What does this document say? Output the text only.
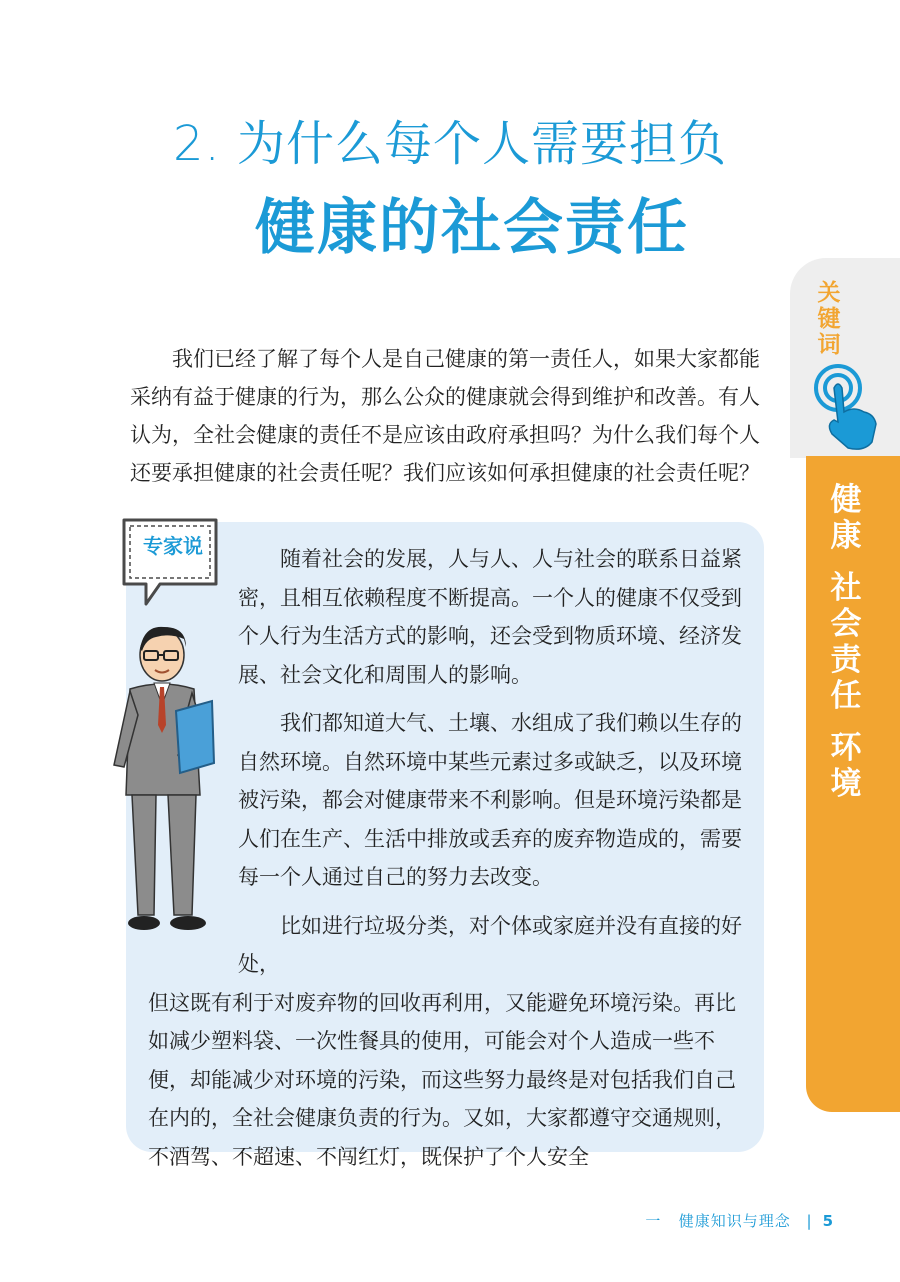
2. 为什么每个人需要担负
健康的社会责任

我们已经了解了每个人是自己健康的第一责任人，如果大家都能采纳有益于健康的行为，那么公众的健康就会得到维护和改善。有人认为，全社会健康的责任不是应该由政府承担吗？为什么我们每个人还要承担健康的社会责任呢？我们应该如何承担健康的社会责任呢？

专家说

随着社会的发展，人与人、人与社会的联系日益紧密，且相互依赖程度不断提高。一个人的健康不仅受到个人行为生活方式的影响，还会受到物质环境、经济发展、社会文化和周围人的影响。

我们都知道大气、土壤、水组成了我们赖以生存的自然环境。自然环境中某些元素过多或缺乏，以及环境被污染，都会对健康带来不利影响。但是环境污染都是人们在生产、生活中排放或丢弃的废弃物造成的，需要每一个人通过自己的努力去改变。

比如进行垃圾分类，对个体或家庭并没有直接的好处，
但这既有利于对废弃物的回收再利用，又能避免环境污染。再比如减少塑料袋、一次性餐具的使用，可能会对个人造成一些不便，却能减少对环境的污染，而这些努力最终是对包括我们自己在内的，全社会健康负责的行为。又如，大家都遵守交通规则，不酒驾、不超速、不闯红灯，既保护了个人安全

关键词
健康
社会责任
环境
一 健康知识与理念 | 5
